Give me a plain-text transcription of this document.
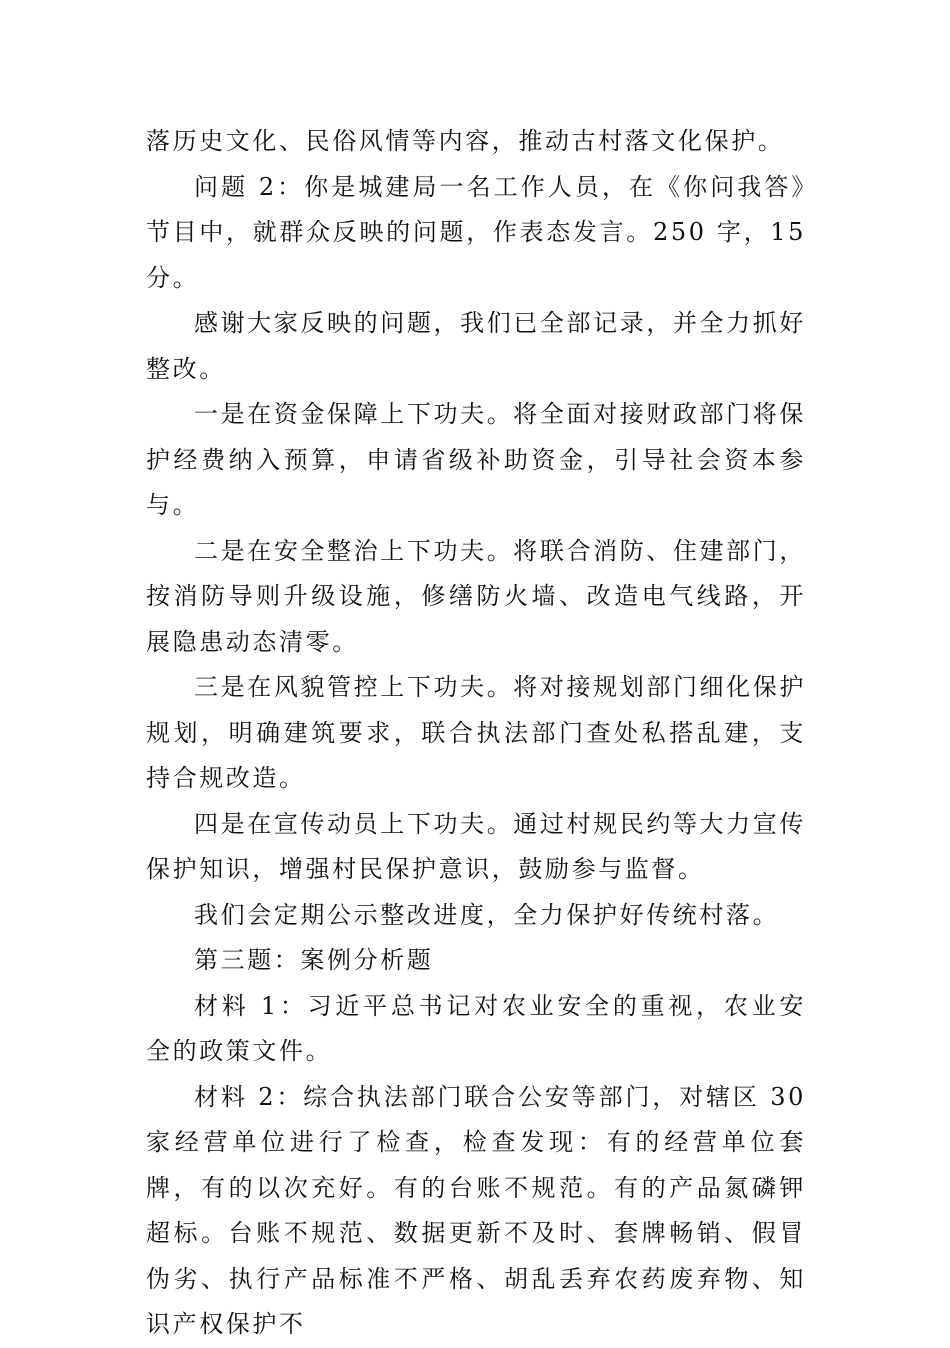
落历史文化、民俗风情等内容，推动古村落文化保护。

问题 2：你是城建局一名工作人员，在《你问我答》节目中，就群众反映的问题，作表态发言。250 字，15 分。

感谢大家反映的问题，我们已全部记录，并全力抓好整改。

一是在资金保障上下功夫。将全面对接财政部门将保护经费纳入预算，申请省级补助资金，引导社会资本参与。

二是在安全整治上下功夫。将联合消防、住建部门，按消防导则升级设施，修缮防火墙、改造电气线路，开展隐患动态清零。

三是在风貌管控上下功夫。将对接规划部门细化保护规划，明确建筑要求，联合执法部门查处私搭乱建，支持合规改造。

四是在宣传动员上下功夫。通过村规民约等大力宣传保护知识，增强村民保护意识，鼓励参与监督。

我们会定期公示整改进度，全力保护好传统村落。

第三题：案例分析题

材料 1：习近平总书记对农业安全的重视，农业安全的政策文件。

材料 2：综合执法部门联合公安等部门，对辖区 30 家经营单位进行了检查，检查发现：有的经营单位套牌，有的以次充好。有的台账不规范。有的产品氮磷钾超标。台账不规范、数据更新不及时、套牌畅销、假冒伪劣、执行产品标准不严格、胡乱丢弃农药废弃物、知识产权保护不
